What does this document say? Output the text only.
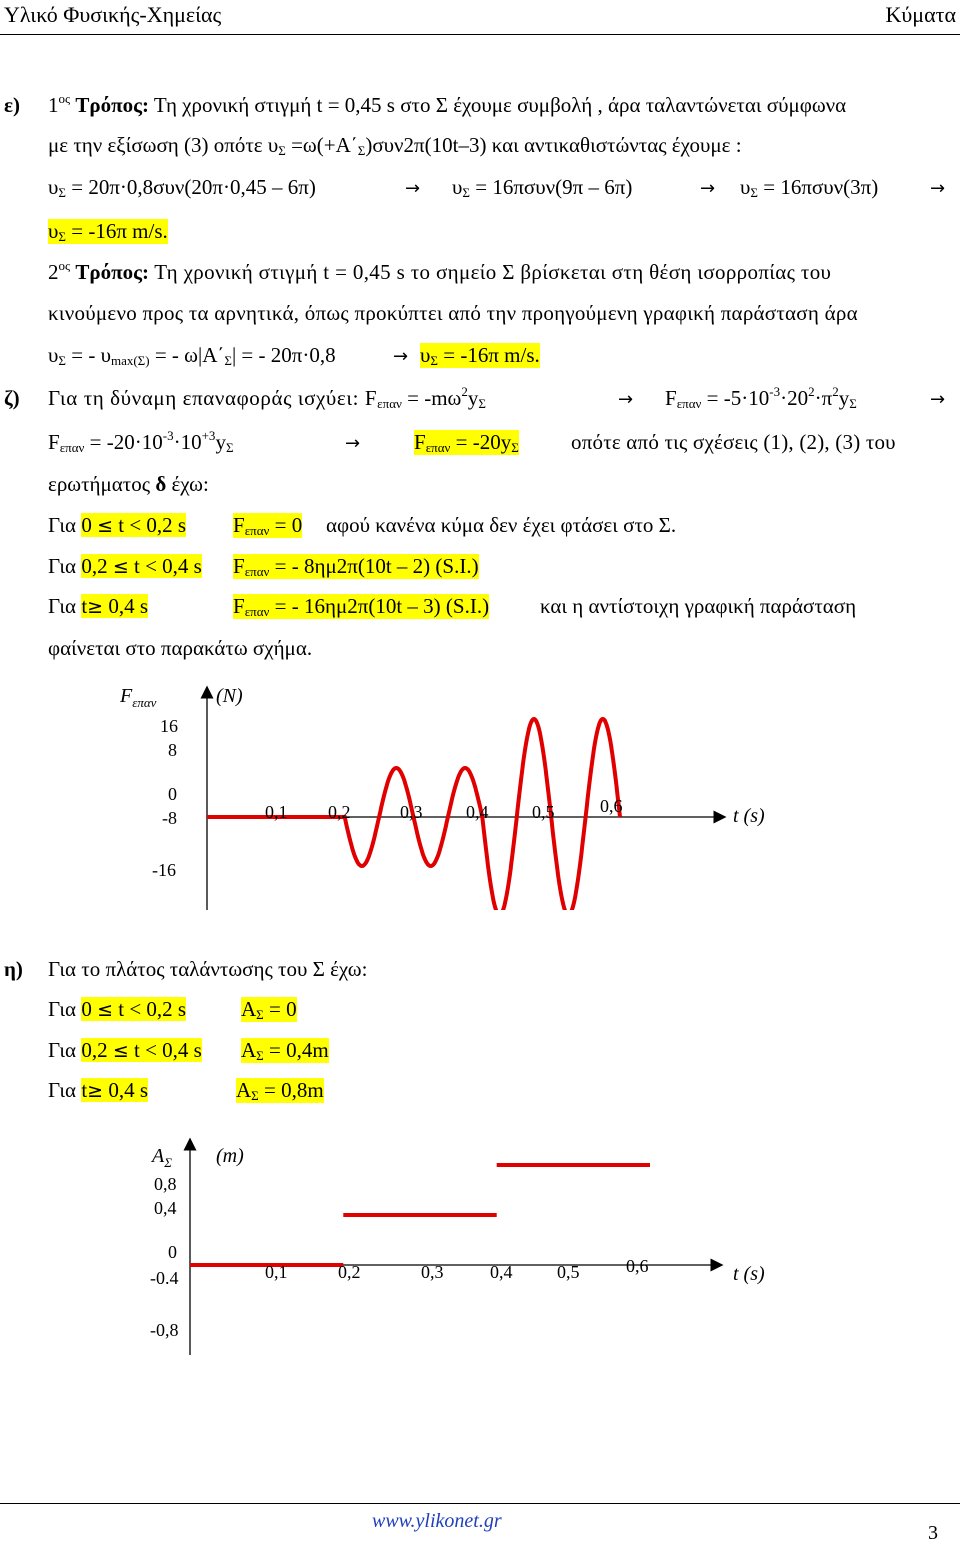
Υλικό Φυσικής-Χημείας	Κύματα
ε) $1^{o\varsigma}$ Τρόπος: Τη χρονική στιγμή t = 0,45 s στο Σ έχουμε συμβολή , άρα ταλαντώνεται σύμφωνα
με την εξίσωση (3) οπότε $\upsilon_\Sigma =\omega(+A΄_\Sigma)\sigma\upsilon\nu 2\pi(10t-3)$ και αντικαθιστώντας έχουμε :
$\upsilon_\Sigma = 20\pi\cdot 0,8\sigma\upsilon\nu(20\pi\cdot 0,45 - 6\pi)$	→ $\upsilon_\Sigma = 16\pi\sigma\upsilon\nu(9\pi - 6\pi)$	→ $\upsilon_\Sigma = 16\pi\sigma\upsilon\nu(3\pi)$	→
$\upsilon_\Sigma = -16\pi$ m/s.
$2^{o\varsigma}$ Τρόπος: Τη χρονική στιγμή t = 0,45 s το σημείο Σ βρίσκεται στη θέση ισορροπίας του
κινούμενο προς τα αρνητικά, όπως προκύπτει από την προηγούμενη γραφική παράσταση άρα
$\upsilon_\Sigma$ = - $\upsilon_{max(\Sigma)}$ = - $\omega|A΄_\Sigma|$ = - 20π·0,8	→ $\upsilon_\Sigma = -16\pi$ m/s.
ζ) Για τη δύναμη επαναφοράς ισχύει: $F_{\varepsilon\pi\alpha\nu} = -m\omega^2y_\Sigma$	→ $F_{\varepsilon\pi\alpha\nu} = -5\cdot 10^{-3}\cdot 20^2\cdot\pi^2y_\Sigma$	→
$F_{\varepsilon\pi\alpha\nu} = -20\cdot 10^{-3}\cdot 10^{+3}y_\Sigma$	→	$F_{\varepsilon\pi\alpha\nu} = -20y_\Sigma$ οπότε από τις σχέσεις (1), (2), (3) του
ερωτήματος δ έχω:
Για 0 ≤ t < 0,2 s $F_{\varepsilon\pi\alpha\nu} = 0$ αφού κανένα κύμα δεν έχει φτάσει στο Σ.
Για 0,2 ≤ t < 0,4 s $F_{\varepsilon\pi\alpha\nu}$ = - 8ημ2π(10t – 2) (S.I.)
Για t≥ 0,4 s	$F_{\varepsilon\pi\alpha\nu}$ = - 16ημ2π(10t – 3) (S.I.) και η αντίστοιχη γραφική παράσταση
φαίνεται στο παρακάτω σχήμα.
$F_{\varepsilon\pi\alpha\nu}$	(N)
16
8
0
-8
-16
0,1 0,2	0,3 0,4 0,5	0,6	t (s)
η) Για το πλάτος ταλάντωσης του Σ έχω:
Για 0 ≤ t < 0,2 s	$A_\Sigma = 0$
Για 0,2 ≤ t < 0,4 s $A_\Sigma = 0,4m$
Για t≥ 0,4 s	$A_\Sigma = 0,8m$
$A_\Sigma$ (m)
0,8
0,4
0
-0.4
-0,8
0,1	0,2	0,3	0,4 0,5	0,6	t (s)
www.ylikonet.gr
3
